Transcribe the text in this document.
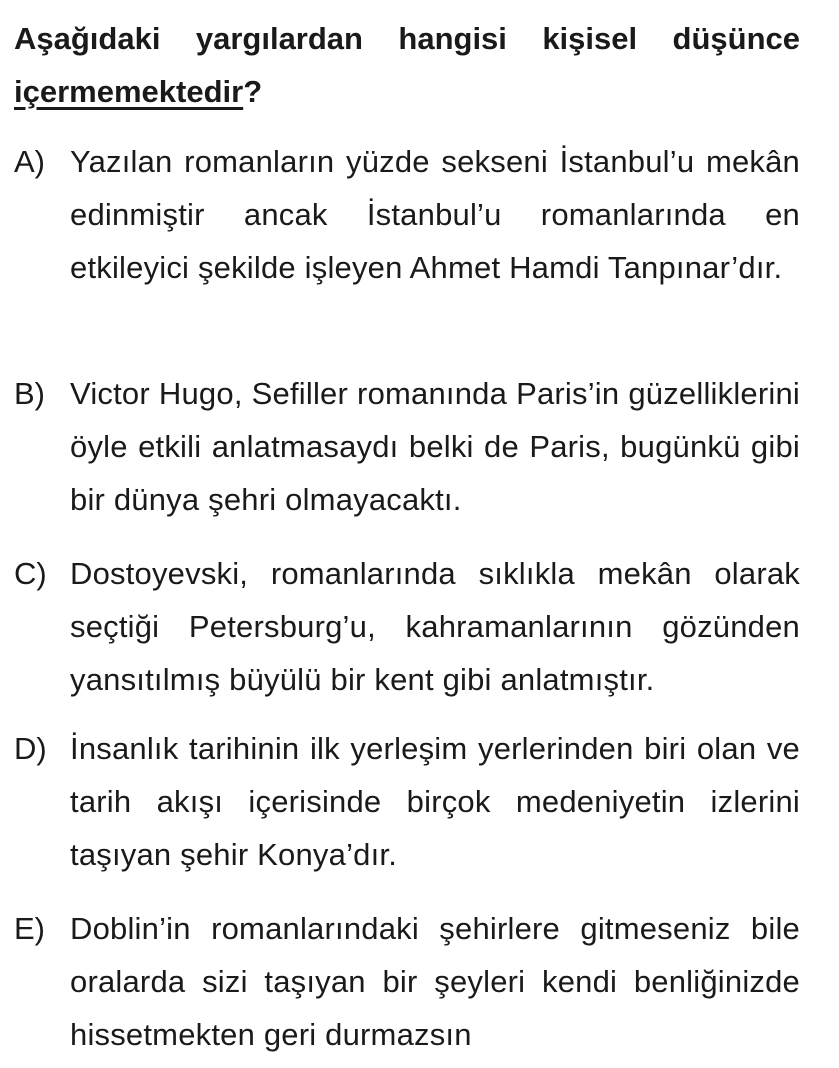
Aşağıdaki yargılardan hangisi kişisel düşünce içermemektedir?

A) Yazılan romanların yüzde sekseni İstanbul’u mekân edinmiştir ancak İstanbul’u romanlarında en etkileyici şekilde işleyen Ahmet Hamdi Tanpınar’dır.
B) Victor Hugo, Sefiller romanında Paris’in güzelliklerini öyle etkili anlatmasaydı belki de Paris, bugünkü gibi bir dünya şehri olmayacaktı.
C) Dostoyevski, romanlarında sıklıkla mekân olarak seçtiği Petersburg’u, kahramanlarının gözünden yansıtılmış büyülü bir kent gibi anlatmıştır.
D) İnsanlık tarihinin ilk yerleşim yerlerinden biri olan ve tarih akışı içerisinde birçok medeniyetin izlerini taşıyan şehir Konya’dır.
E) Doblin’in romanlarındaki şehirlere gitmeseniz bile oralarda sizi taşıyan bir şeyleri kendi benliğinizde hissetmekten geri durmazsın
